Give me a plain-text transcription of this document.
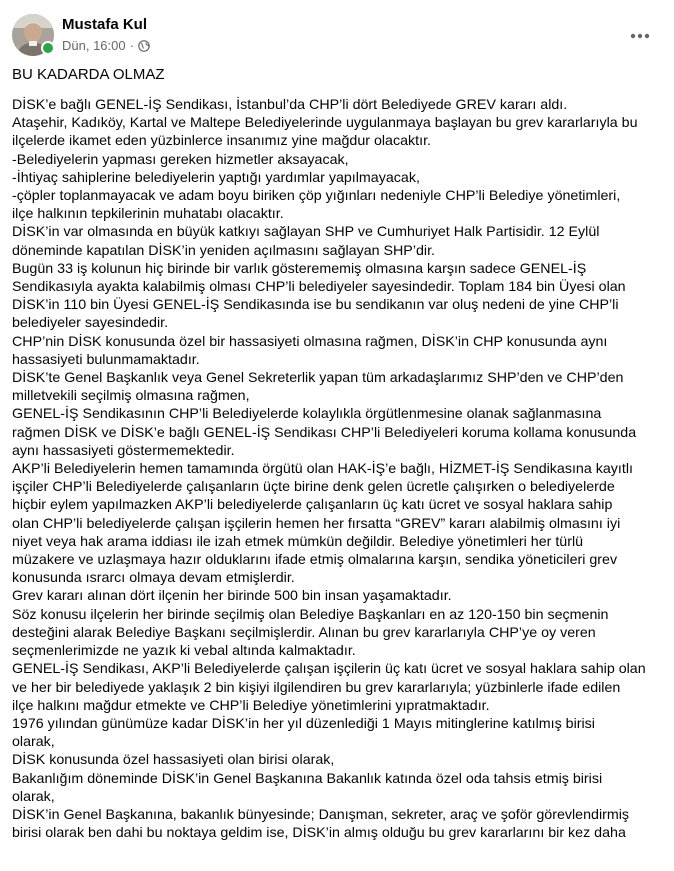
Mustafa Kul
Dün, 16:00 ·
BU KADARDA OLMAZ
DİSK’e bağlı GENEL-İŞ Sendikası, İstanbul’da CHP’li dört Belediyede GREV kararı aldı.
Ataşehir, Kadıköy, Kartal ve Maltepe Belediyelerinde uygulanmaya başlayan bu grev kararlarıyla bu
ilçelerde ikamet eden yüzbinlerce insanımız yine mağdur olacaktır.
-Belediyelerin yapması gereken hizmetler aksayacak,
-İhtiyaç sahiplerine belediyelerin yaptığı yardımlar yapılmayacak,
-çöpler toplanmayacak ve adam boyu biriken çöp yığınları nedeniyle CHP’li Belediye yönetimleri,
ilçe halkının tepkilerinin muhatabı olacaktır.
DİSK’in var olmasında en büyük katkıyı sağlayan SHP ve Cumhuriyet Halk Partisidir. 12 Eylül
döneminde kapatılan DİSK’in yeniden açılmasını sağlayan SHP’dir.
Bugün 33 iş kolunun hiç birinde bir varlık gösterememiş olmasına karşın sadece GENEL-İŞ
Sendikasıyla ayakta kalabilmiş olması CHP’li belediyeler sayesindedir. Toplam 184 bin Üyesi olan
DİSK’in 110 bin Üyesi GENEL-İŞ Sendikasında ise bu sendikanın var oluş nedeni de yine CHP’li
belediyeler sayesindedir.
CHP’nin DİSK konusunda özel bir hassasiyeti olmasına rağmen, DİSK’in CHP konusunda aynı
hassasiyeti bulunmamaktadır.
DİSK’te Genel Başkanlık veya Genel Sekreterlik yapan tüm arkadaşlarımız SHP’den ve CHP’den
milletvekili seçilmiş olmasına rağmen,
GENEL-İŞ Sendikasının CHP’li Belediyelerde kolaylıkla örgütlenmesine olanak sağlanmasına
rağmen DİSK ve DİSK’e bağlı GENEL-İŞ Sendikası CHP’li Belediyeleri koruma kollama konusunda
aynı hassasiyeti göstermemektedir.
AKP’li Belediyelerin hemen tamamında örgütü olan HAK-İŞ’e bağlı, HİZMET-İŞ Sendikasına kayıtlı
işçiler CHP’li Belediyelerde çalışanların üçte birine denk gelen ücretle çalışırken o belediyelerde
hiçbir eylem yapılmazken AKP’li belediyelerde çalışanların üç katı ücret ve sosyal haklara sahip
olan CHP’li belediyelerde çalışan işçilerin hemen her fırsatta “GREV” kararı alabilmiş olmasını iyi
niyet veya hak arama iddiası ile izah etmek mümkün değildir. Belediye yönetimleri her türlü
müzakere ve uzlaşmaya hazır olduklarını ifade etmiş olmalarına karşın, sendika yöneticileri grev
konusunda ısrarcı olmaya devam etmişlerdir.
Grev kararı alınan dört ilçenin her birinde 500 bin insan yaşamaktadır.
Söz konusu ilçelerin her birinde seçilmiş olan Belediye Başkanları en az 120-150 bin seçmenin
desteğini alarak Belediye Başkanı seçilmişlerdir. Alınan bu grev kararlarıyla CHP’ye oy veren
seçmenlerimizde ne yazık ki vebal altında kalmaktadır.
GENEL-İŞ Sendikası, AKP’li Belediyelerde çalışan işçilerin üç katı ücret ve sosyal haklara sahip olan
ve her bir belediyede yaklaşık 2 bin kişiyi ilgilendiren bu grev kararlarıyla; yüzbinlerle ifade edilen
ilçe halkını mağdur etmekte ve CHP’li Belediye yönetimlerini yıpratmaktadır.
1976 yılından günümüze kadar DİSK’in her yıl düzenlediği 1 Mayıs mitinglerine katılmış birisi
olarak,
DİSK konusunda özel hassasiyeti olan birisi olarak,
Bakanlığım döneminde DİSK’in Genel Başkanına Bakanlık katında özel oda tahsis etmiş birisi
olarak,
DİSK’in Genel Başkanına, bakanlık bünyesinde; Danışman, sekreter, araç ve şoför görevlendirmiş
birisi olarak ben dahi bu noktaya geldim ise, DİSK’in almış olduğu bu grev kararlarını bir kez daha
